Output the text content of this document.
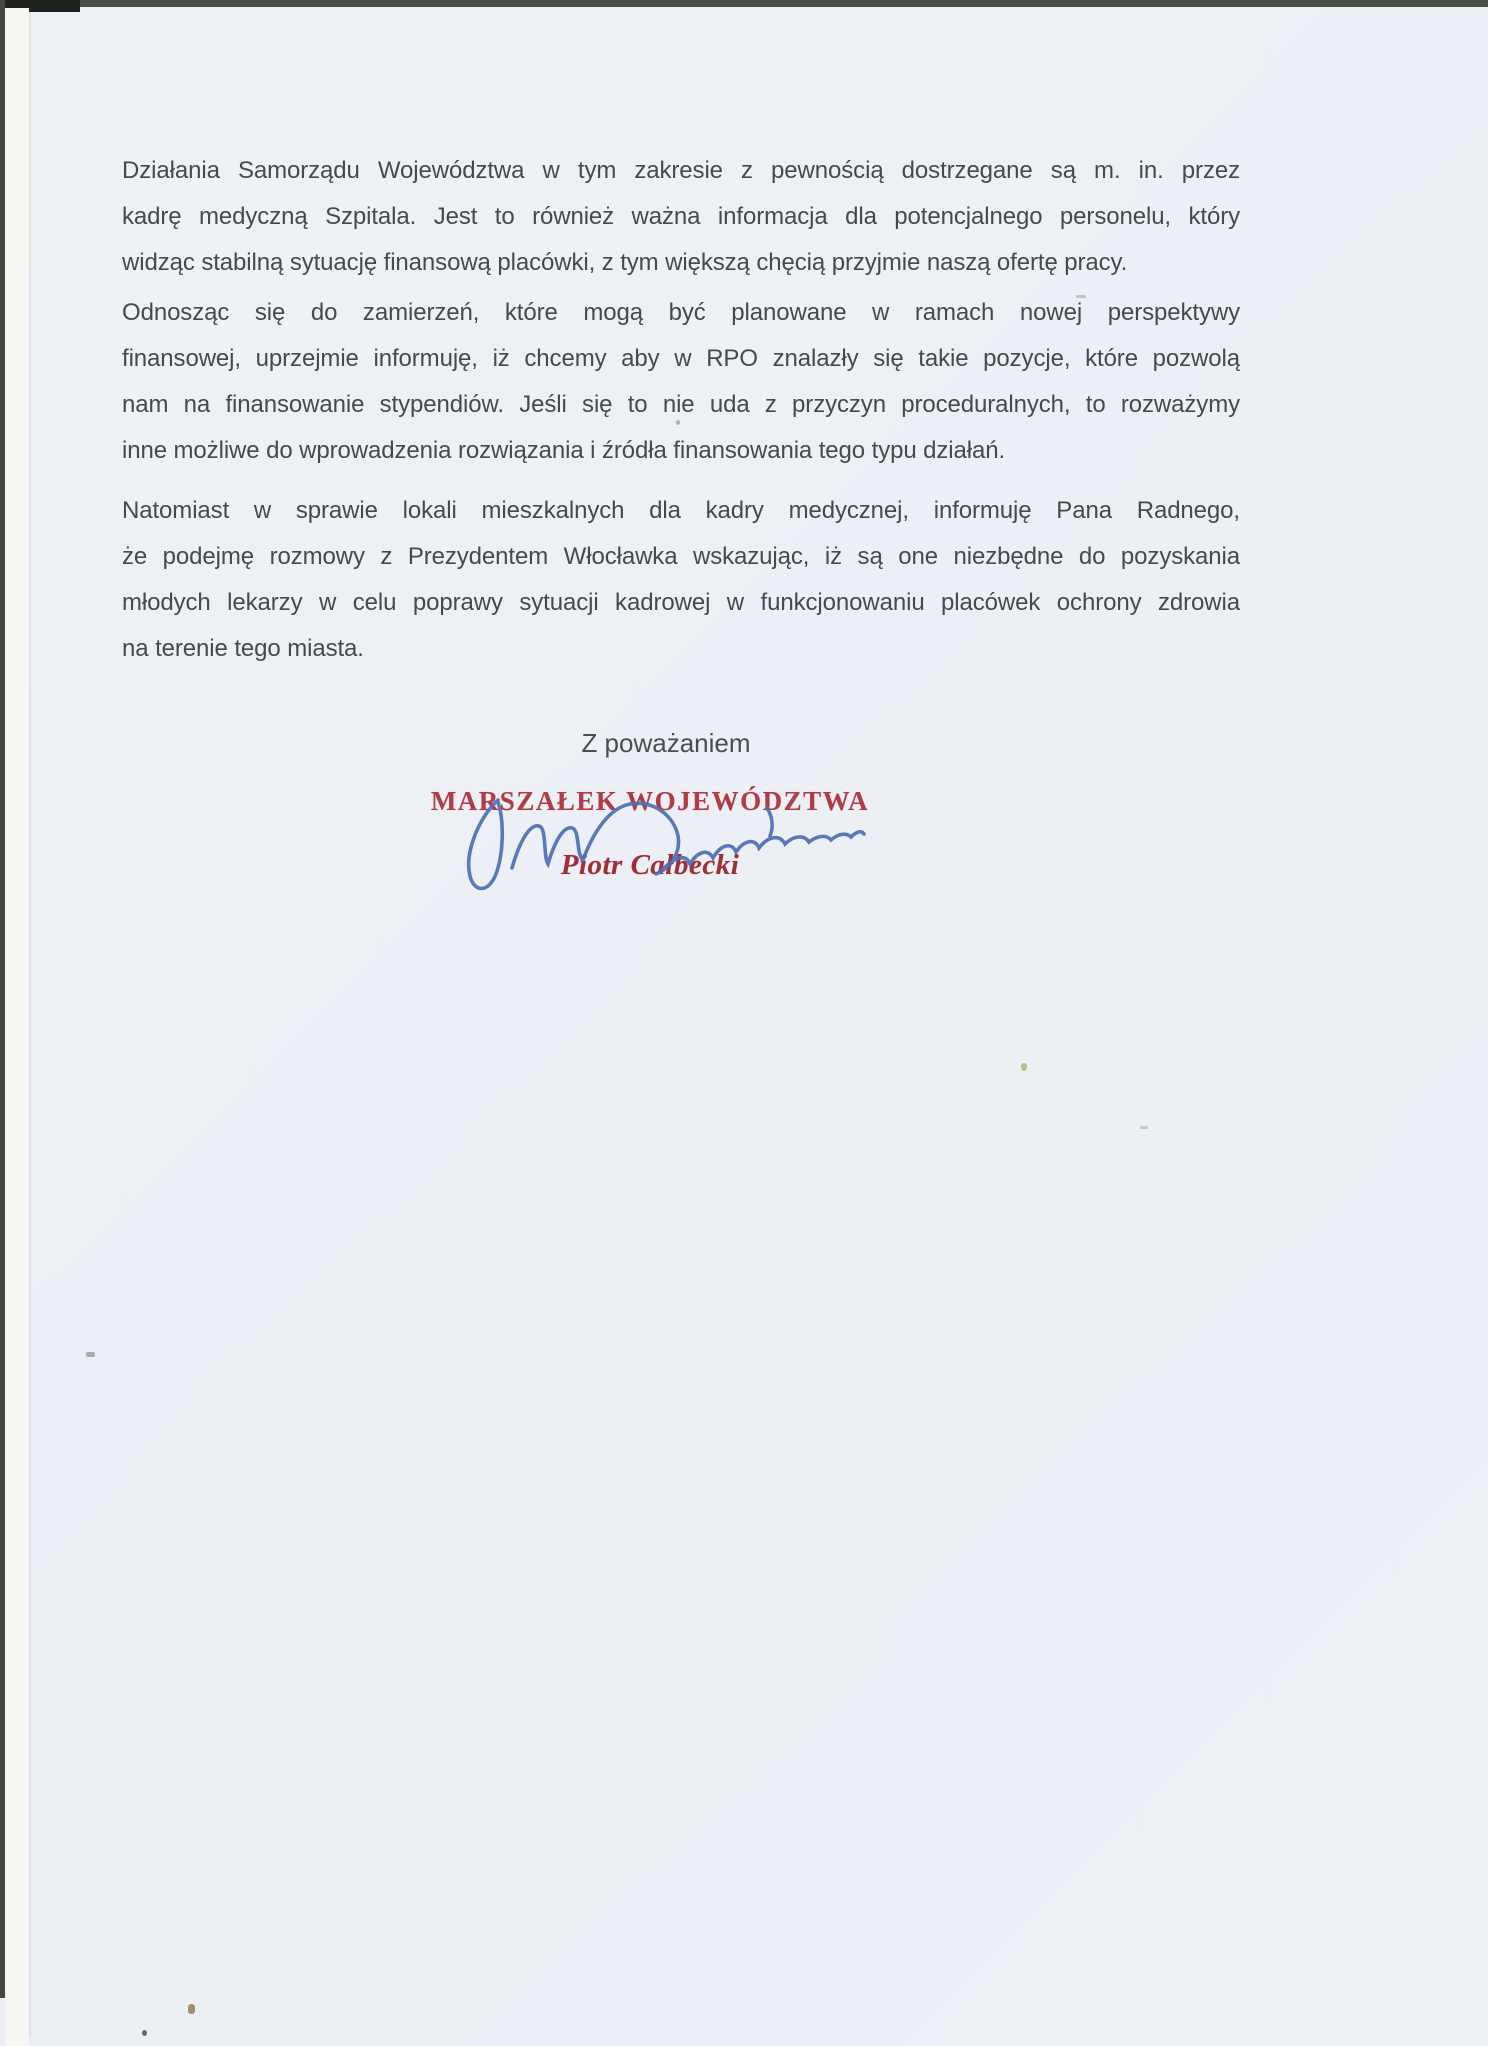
Działania Samorządu Województwa w tym zakresie z pewnością dostrzegane są m. in. przez
kadrę medyczną Szpitala. Jest to również ważna informacja dla potencjalnego personelu, który
widząc stabilną sytuację finansową placówki, z tym większą chęcią przyjmie naszą ofertę pracy.
Odnosząc się do zamierzeń, które mogą być planowane w ramach nowej perspektywy
finansowej, uprzejmie informuję, iż chcemy aby w RPO znalazły się takie pozycje, które pozwolą
nam na finansowanie stypendiów. Jeśli się to nie uda z przyczyn proceduralnych, to rozważymy
inne możliwe do wprowadzenia rozwiązania i źródła finansowania tego typu działań.
Natomiast w sprawie lokali mieszkalnych dla kadry medycznej, informuję Pana Radnego,
że podejmę rozmowy z Prezydentem Włocławka wskazując, iż są one niezbędne do pozyskania
młodych lekarzy w celu poprawy sytuacji kadrowej w funkcjonowaniu placówek ochrony zdrowia
na terenie tego miasta.
Z poważaniem
MARSZAŁEK WOJEWÓDZTWA
Piotr Całbecki
